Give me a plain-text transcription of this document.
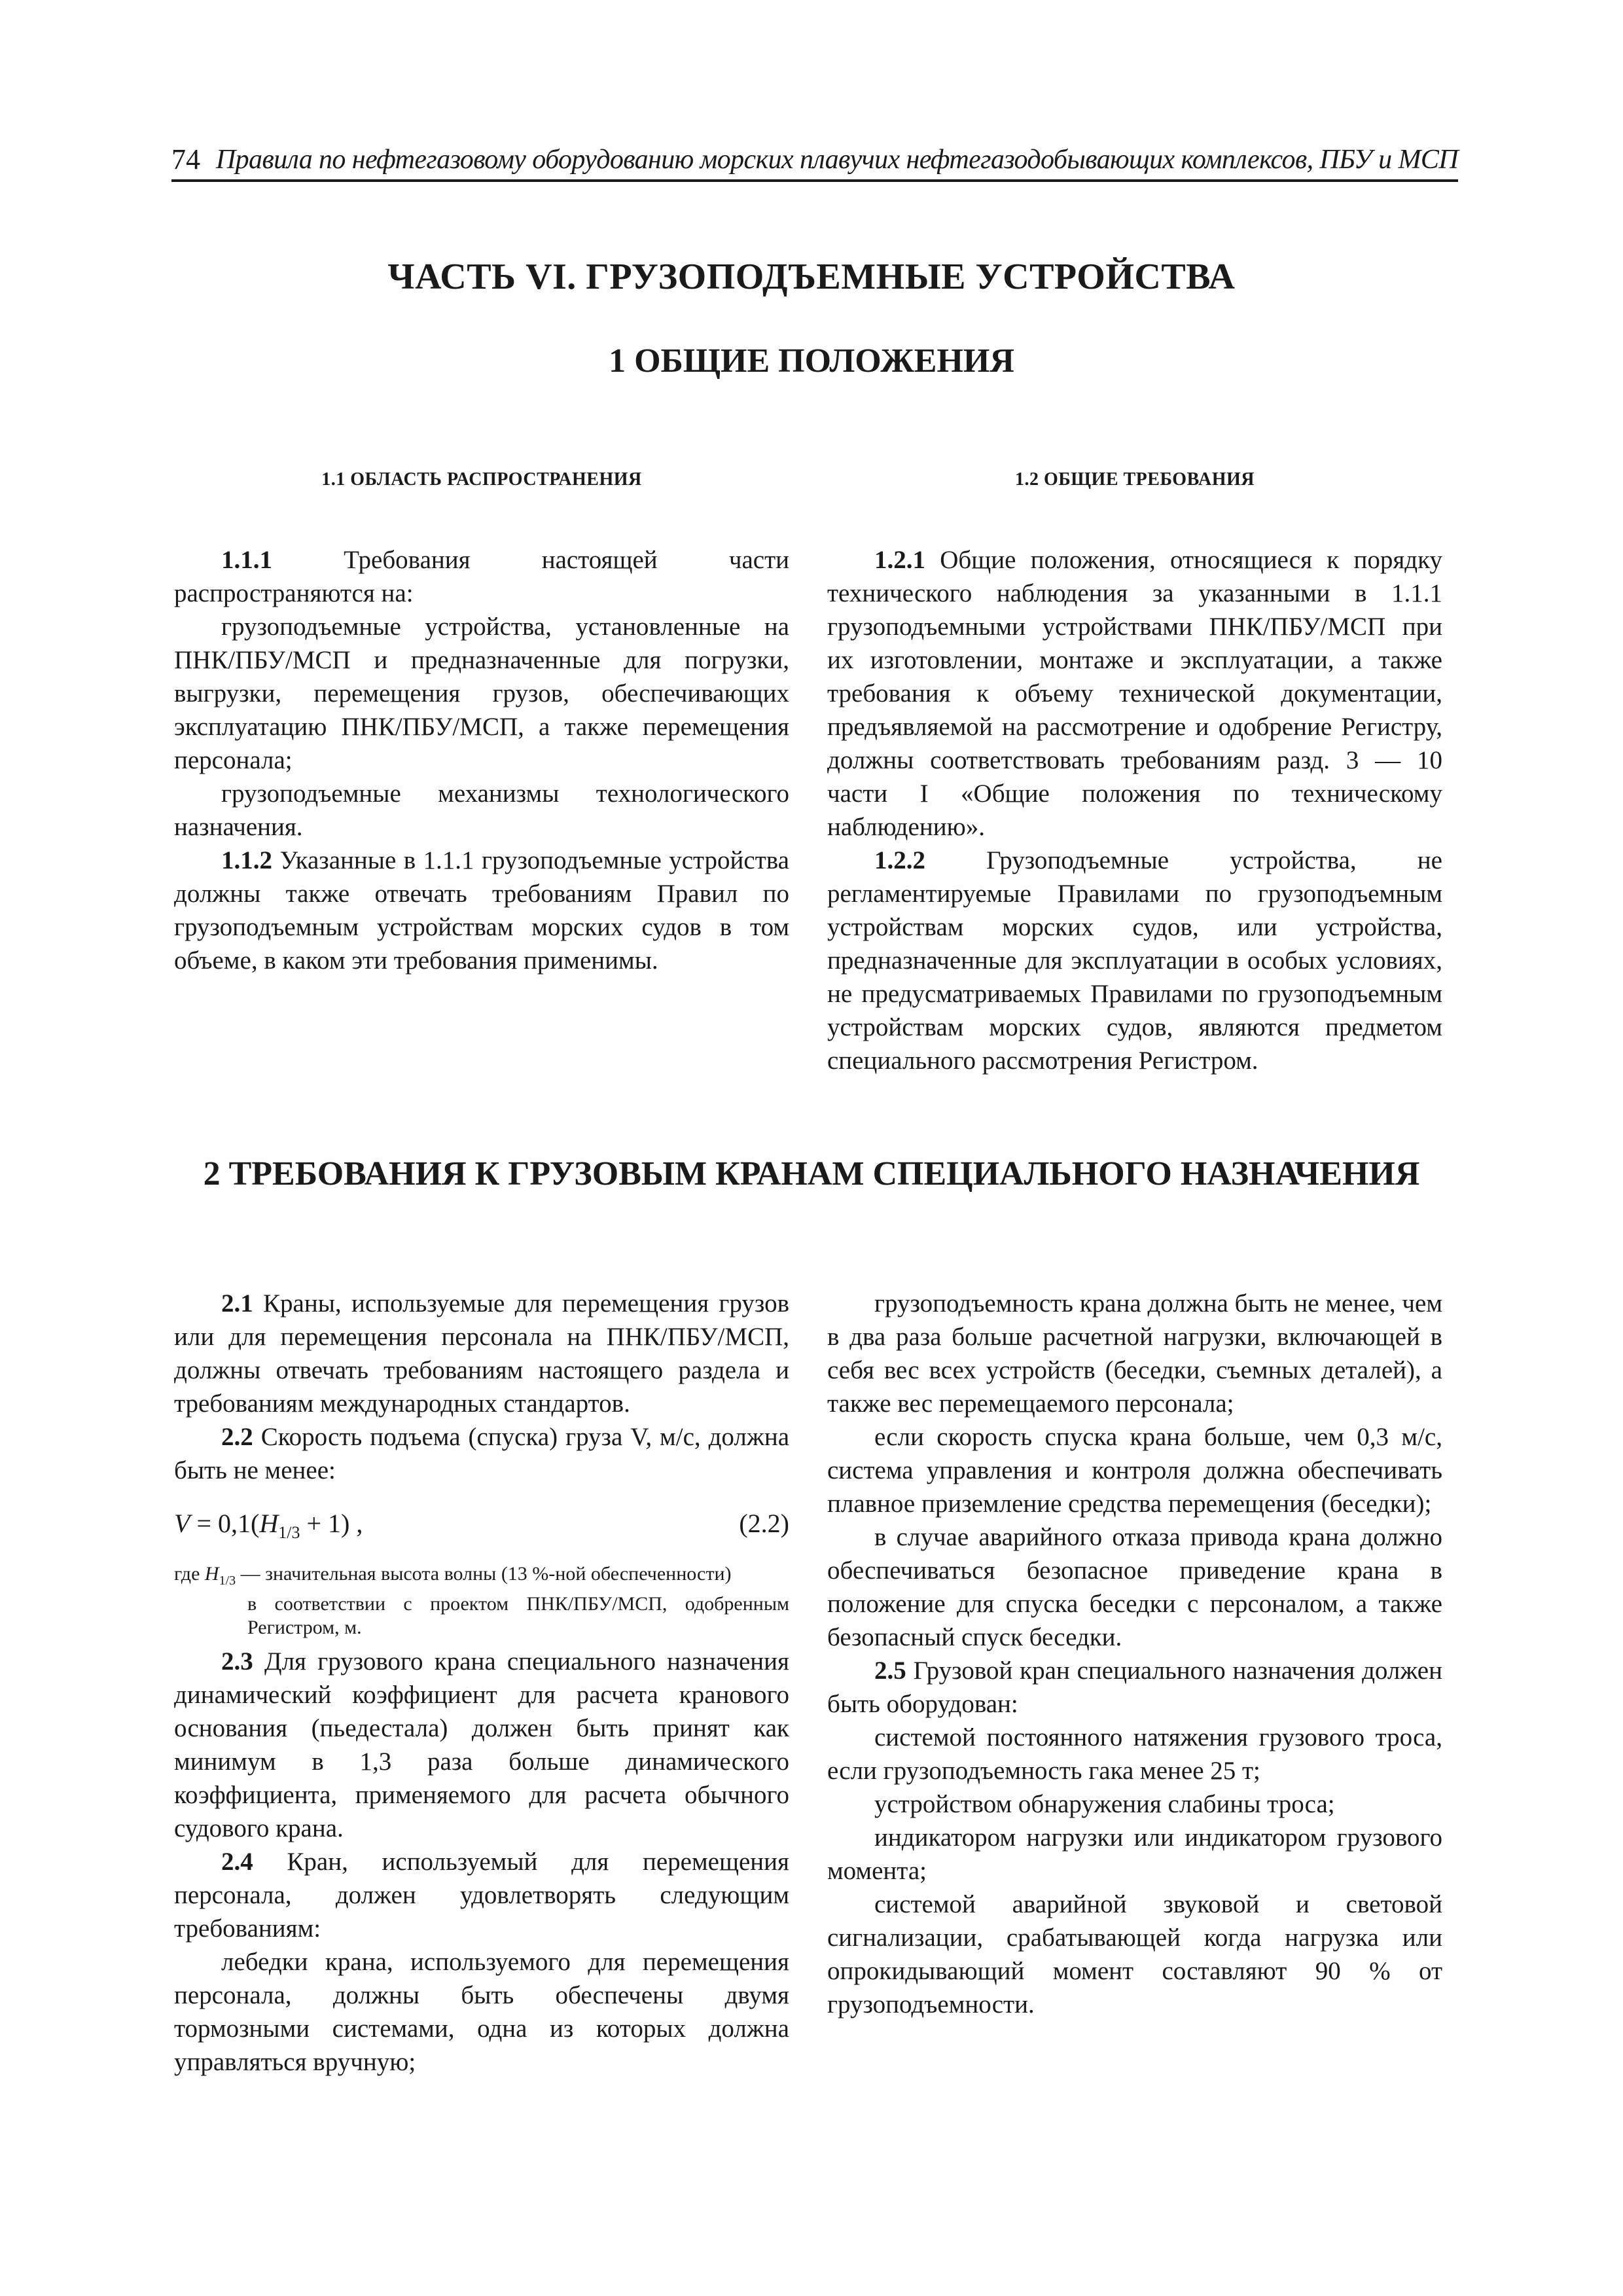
74 Правила по нефтегазовому оборудованию морских плавучих нефтегазодобывающих комплексов, ПБУ и МСП
ЧАСТЬ VI. ГРУЗОПОДЪЕМНЫЕ УСТРОЙСТВА
1 ОБЩИЕ ПОЛОЖЕНИЯ
1.1 ОБЛАСТЬ РАСПРОСТРАНЕНИЯ	1.2 ОБЩИЕ ТРЕБОВАНИЯ

1.1.1 Требования настоящей части распространяются на:

грузоподъемные устройства, установленные на ПНК/ПБУ/МСП и предназначенные для погрузки, выгрузки, перемещения грузов, обеспечивающих эксплуатацию ПНК/ПБУ/МСП, а также перемещения персонала;

грузоподъемные механизмы технологического назначения.

1.1.2 Указанные в 1.1.1 грузоподъемные устройства должны также отвечать требованиям Правил по грузоподъемным устройствам морских судов в том объеме, в каком эти требования применимы.

1.2.1 Общие положения, относящиеся к порядку технического наблюдения за указанными в 1.1.1 грузоподъемными устройствами ПНК/ПБУ/МСП при их изготовлении, монтаже и эксплуатации, а также требования к объему технической документации, предъявляемой на рассмотрение и одобрение Регистру, должны соответствовать требованиям разд. 3 — 10 части I «Общие положения по техническому наблюдению».

1.2.2 Грузоподъемные устройства, не регламентируемые Правилами по грузоподъемным устройствам морских судов, или устройства, предназначенные для эксплуатации в особых условиях, не предусматриваемых Правилами по грузоподъемным устройствам морских судов, являются предметом специального рассмотрения Регистром.

2 ТРЕБОВАНИЯ К ГРУЗОВЫМ КРАНАМ СПЕЦИАЛЬНОГО НАЗНАЧЕНИЯ

2.1 Краны, используемые для перемещения грузов или для перемещения персонала на ПНК/ПБУ/МСП, должны отвечать требованиям настоящего раздела и требованиям международных стандартов.

2.2 Скорость подъема (спуска) груза V, м/с, должна быть не менее:

$V = 0,1(H_{1/3} + 1)$ ,	(2.2)
где $H_{1/3}$ — значительная высота волны (13 %-ной обеспеченности)
в соответствии с проектом ПНК/ПБУ/МСП, одобренным Регистром, м.

2.3 Для грузового крана специального назначения динамический коэффициент для расчета кранового основания (пьедестала) должен быть принят как минимум в 1,3 раза больше динамического коэффициента, применяемого для расчета обычного судового крана.

2.4 Кран, используемый для перемещения персонала, должен удовлетворять следующим требованиям:

лебедки крана, используемого для перемещения персонала, должны быть обеспечены двумя тормозными системами, одна из которых должна управляться вручную;

грузоподъемность крана должна быть не менее, чем в два раза больше расчетной нагрузки, включающей в себя вес всех устройств (беседки, съемных деталей), а также вес перемещаемого персонала;

если скорость спуска крана больше, чем 0,3 м/с, система управления и контроля должна обеспечивать плавное приземление средства перемещения (беседки);

в случае аварийного отказа привода крана должно обеспечиваться безопасное приведение крана в положение для спуска беседки с персоналом, а также безопасный спуск беседки.

2.5 Грузовой кран специального назначения должен быть оборудован:

системой постоянного натяжения грузового троса, если грузоподъемность гака менее 25 т;

устройством обнаружения слабины троса;

индикатором нагрузки или индикатором грузового момента;

системой аварийной звуковой и световой сигнализации, срабатывающей когда нагрузка или опрокидывающий момент составляют 90 % от грузоподъемности.
